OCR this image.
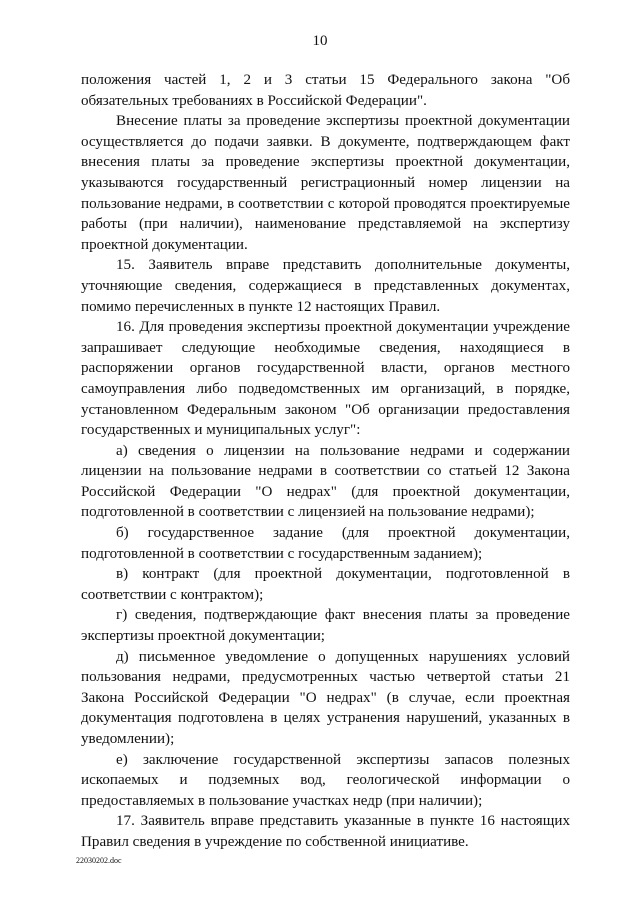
10

положения частей 1, 2 и 3 статьи 15 Федерального закона "Об обязательных требованиях в Российской Федерации".

Внесение платы за проведение экспертизы проектной документации осуществляется до подачи заявки. В документе, подтверждающем факт внесения платы за проведение экспертизы проектной документации, указываются государственный регистрационный номер лицензии на пользование недрами, в соответствии с которой проводятся проектируемые работы (при наличии), наименование представляемой на экспертизу проектной документации.

15. Заявитель вправе представить дополнительные документы, уточняющие сведения, содержащиеся в представленных документах, помимо перечисленных в пункте 12 настоящих Правил.

16. Для проведения экспертизы проектной документации учреждение запрашивает следующие необходимые сведения, находящиеся в распоряжении органов государственной власти, органов местного самоуправления либо подведомственных им организаций, в порядке, установленном Федеральным законом "Об организации предоставления государственных и муниципальных услуг":

а) сведения о лицензии на пользование недрами и содержании лицензии на пользование недрами в соответствии со статьей 12 Закона Российской Федерации "О недрах" (для проектной документации, подготовленной в соответствии с лицензией на пользование недрами);

б) государственное задание (для проектной документации, подготовленной в соответствии с государственным заданием);

в) контракт (для проектной документации, подготовленной в соответствии с контрактом);

г) сведения, подтверждающие факт внесения платы за проведение экспертизы проектной документации;

д) письменное уведомление о допущенных нарушениях условий пользования недрами, предусмотренных частью четвертой статьи 21 Закона Российской Федерации "О недрах" (в случае, если проектная документация подготовлена в целях устранения нарушений, указанных в уведомлении);

е) заключение государственной экспертизы запасов полезных ископаемых и подземных вод, геологической информации о предоставляемых в пользование участках недр (при наличии);

17. Заявитель вправе представить указанные в пункте 16 настоящих Правил сведения в учреждение по собственной инициативе.

22030202.doc
